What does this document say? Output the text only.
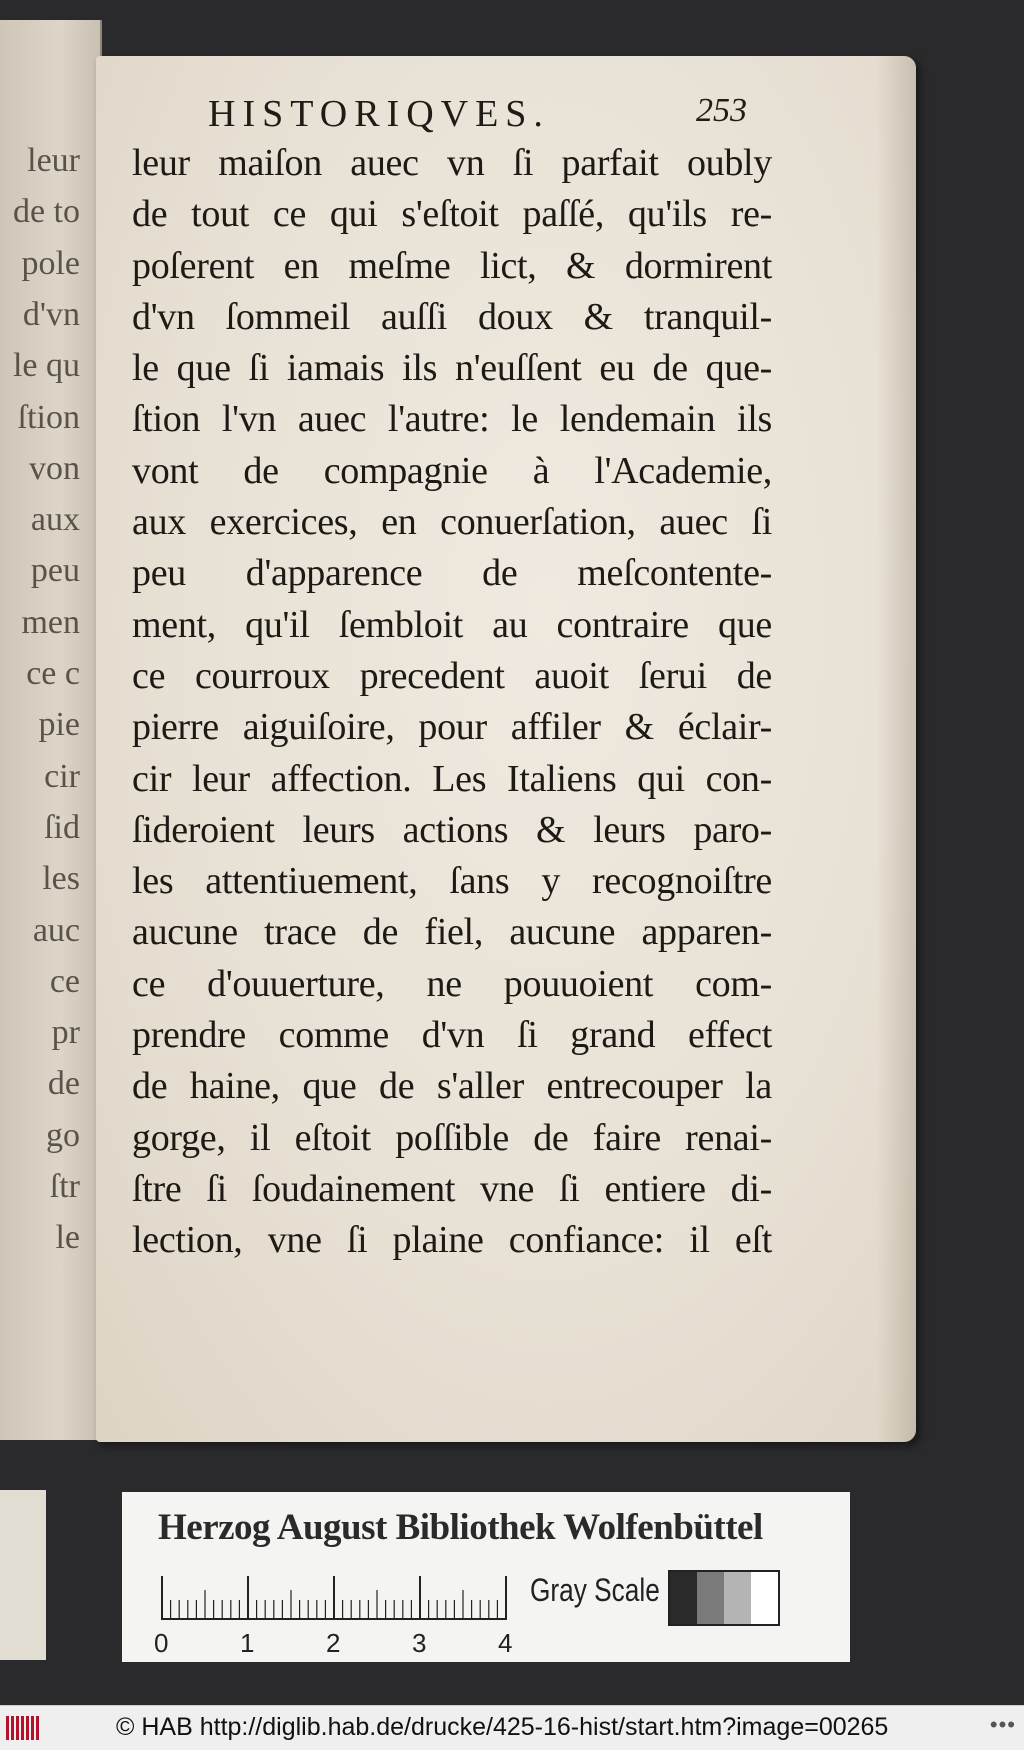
leur
de to
pole
d'vn
le qu
ſtion
von
aux
peu
men
ce c
pie
cir
ſid
les
auc
ce
pr
de
go
ſtr
le
HISTORIQVES.	253
leur maiſon auec vn ſi parfait oubly
de tout ce qui s'eſtoit paſſé, qu'ils re-
poſerent en meſme lict, & dormirent
d'vn ſommeil auſſi doux & tranquil-
le que ſi iamais ils n'euſſent eu de que-
ſtion l'vn auec l'autre: le lendemain ils
vont de compagnie à l'Academie,
aux exercices, en conuerſation, auec ſi
peu d'apparence de meſcontente-
ment, qu'il ſembloit au contraire que
ce courroux precedent auoit ſerui de
pierre aiguiſoire, pour affiler & éclair-
cir leur affection. Les Italiens qui con-
ſideroient leurs actions & leurs paro-
les attentiuement, ſans y recognoiſtre
aucune trace de fiel, aucune apparen-
ce d'ouuerture, ne pouuoient com-
prendre comme d'vn ſi grand effect
de haine, que de s'aller entrecouper la
gorge, il eſtoit poſſible de faire renai-
ſtre ſi ſoudainement vne ſi entiere di-
lection, vne ſi plaine confiance: il eſt
Herzog August Bibliothek Wolfenbüttel
0	1	2	3	4
Gray Scale
© HAB http://diglib.hab.de/drucke/425-16-hist/start.htm?image=00265	•••
